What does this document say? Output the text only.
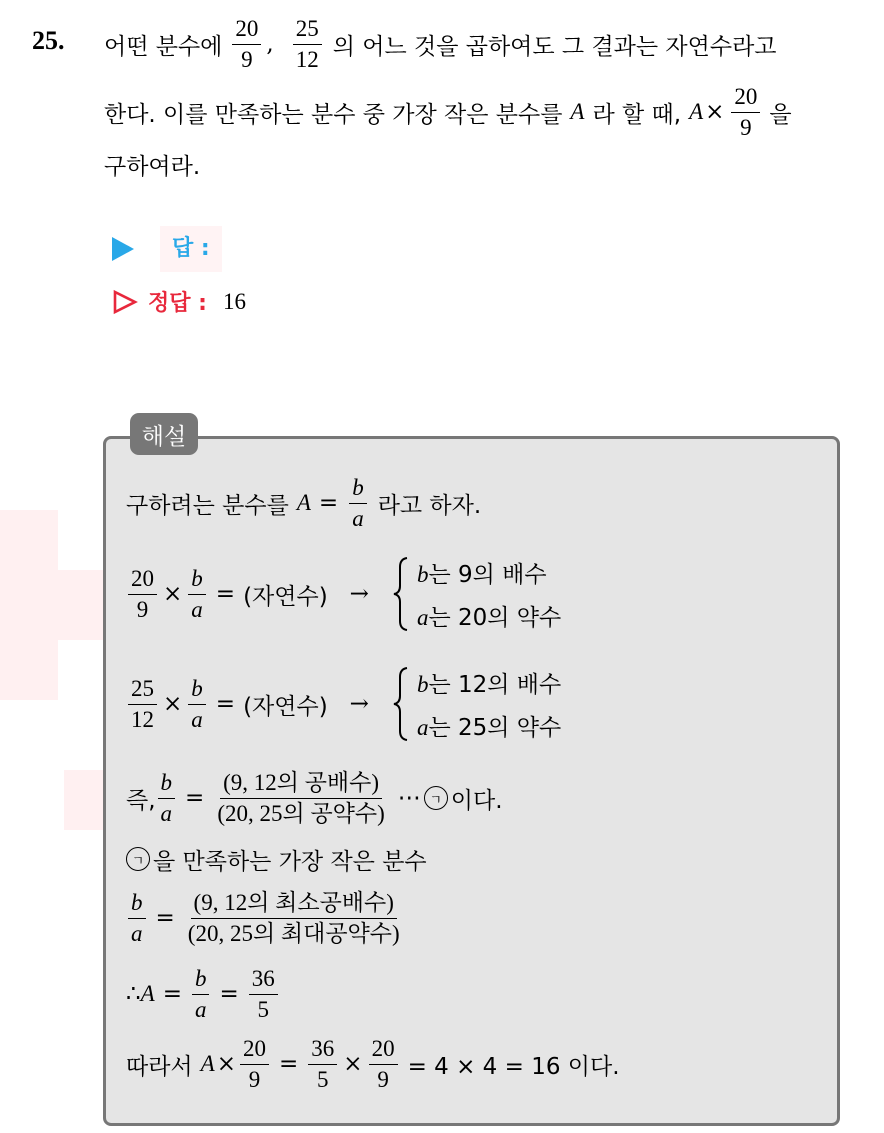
25. 어떤 분수에 $\frac{20}{9}$ , $\frac{25}{12}$ 의 어느 것을 곱하여도 그 결과는 자연수라고
한다. 이를 만족하는 분수 중 가장 작은 분수를 A 라 할 때, $A \times \frac{20}{9}$ 을
구하여라.
답 :
정답 : 16
해설
구하려는 분수를 $A = \frac{b}{a}$ 라고 하자.
$\frac{20}{9} \times \frac{b}{a}$ = (자연수) →
b는 9의 배수
a는 20의 약수
$\frac{25}{12} \times \frac{b}{a}$ = (자연수) →
b는 12의 배수
a는 25의 약수
즉, $\frac{b}{a} = \frac{\text{(9, 12의 공배수)}}{\text{(20, 25의 공약수)}}$ ⋯ ㄱ 이다.
ㄱ 을 만족하는 가장 작은 분수
$\frac{b}{a} = \frac{\text{(9, 12의 최소공배수)}}{\text{(20, 25의 최대공약수)}}$
∴ $A = \frac{b}{a} = \frac{36}{5}$
따라서 $A \times \frac{20}{9} = \frac{36}{5} \times \frac{20}{9} = 4 \times 4 = 16$ 이다.
